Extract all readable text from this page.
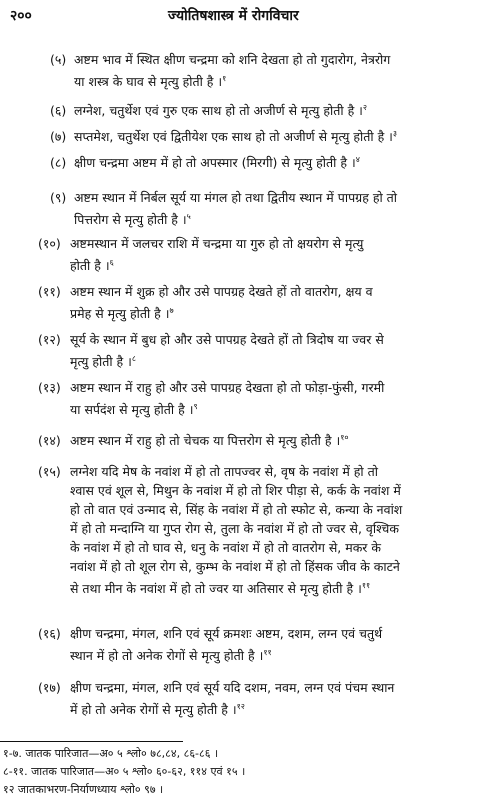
२००	ज्योतिषशास्त्र में रोगविचार
(५) अष्टम भाव में स्थित क्षीण चन्द्रमा को शनि देखता हो तो गुदारोग, नेत्ररोग
या शस्त्र के घाव से मृत्यु होती है ।$^१$
(६) लग्नेश, चतुर्थेश एवं गुरु एक साथ हो तो अजीर्ण से मृत्यु होती है ।$^२$
(७) सप्तमेश, चतुर्थेश एवं द्वितीयेश एक साथ हो तो अजीर्ण से मृत्यु होती है ।$^३$
(८) क्षीण चन्द्रमा अष्टम में हो तो अपस्मार (मिरगी) से मृत्यु होती है ।$^४$
(९) अष्टम स्थान में निर्बल सूर्य या मंगल हो तथा द्वितीय स्थान में पापग्रह हो तो
पित्तरोग से मृत्यु होती है ।$^५$
(१०) अष्टमस्थान में जलचर राशि में चन्द्रमा या गुरु हो तो क्षयरोग से मृत्यु
होती है ।$^६$
(११) अष्टम स्थान में शुक्र हो और उसे पापग्रह देखते हों तो वातरोग, क्षय व
प्रमेह से मृत्यु होती है ।$^७$
(१२) सूर्य के स्थान में बुध हो और उसे पापग्रह देखते हों तो त्रिदोष या ज्वर से
मृत्यु होती है ।$^८$
(१३) अष्टम स्थान में राहु हो और उसे पापग्रह देखता हो तो फोड़ा-फुंसी, गरमी
या सर्पदंश से मृत्यु होती है ।$^९$
(१४) अष्टम स्थान में राहु हो तो चेचक या पित्तरोग से मृत्यु होती है ।$^{१०}$
(१५) लग्नेश यदि मेष के नवांश में हो तो तापज्वर से, वृष के नवांश में हो तो
श्वास एवं शूल से, मिथुन के नवांश में हो तो शिर पीड़ा से, कर्क के नवांश में
हो तो वात एवं उन्माद से, सिंह के नवांश में हो तो स्फोट से, कन्या के नवांश
में हो तो मन्दाग्नि या गुप्त रोग से, तुला के नवांश में हो तो ज्वर से, वृश्चिक
के नवांश में हो तो घाव से, धनु के नवांश में हो तो वातरोग से, मकर के
नवांश में हो तो शूल रोग से, कुम्भ के नवांश में हो तो हिंसक जीव के काटने
से तथा मीन के नवांश में हो तो ज्वर या अतिसार से मृत्यु होती है ।$^{११}$
(१६) क्षीण चन्द्रमा, मंगल, शनि एवं सूर्य क्रमशः अष्टम, दशम, लग्न एवं चतुर्थ
स्थान में हो तो अनेक रोगों से मृत्यु होती है ।$^{११}$
(१७) क्षीण चन्द्रमा, मंगल, शनि एवं सूर्य यदि दशम, नवम, लग्न एवं पंचम स्थान
में हो तो अनेक रोगों से मृत्यु होती है ।$^{१२}$
१-७. जातक पारिजात—अ० ५ श्लो० ७८,८४, ८६-८६ ।
८-११. जातक पारिजात—अ० ५ श्लो० ६०-६२, ११४ एवं १५ ।
१२ जातकाभरण-निर्याणध्याय श्लो० ९७ ।
